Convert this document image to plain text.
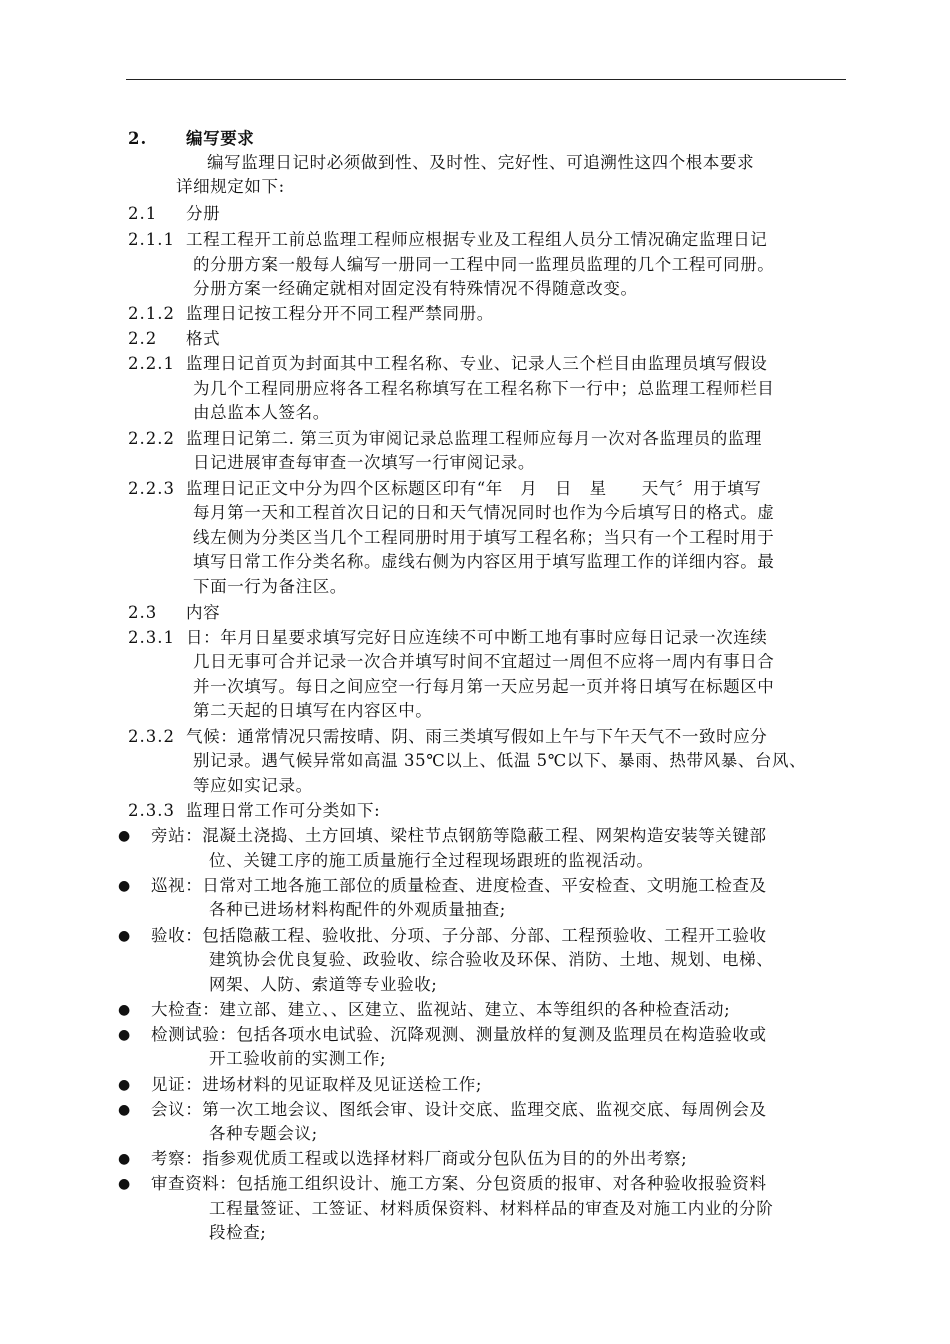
2. 编写要求
编写监理日记时必须做到性、及时性、完好性、可追溯性这四个根本要求
详细规定如下:
2.1 分册
2.1.1 工程工程开工前总监理工程师应根据专业及工程组人员分工情况确定监理日记
的分册方案一般每人编写一册同一工程中同一监理员监理的几个工程可同册。
分册方案一经确定就相对固定没有特殊情况不得随意改变。
2.1.2 监理日记按工程分开不同工程严禁同册。
2.2 格式
2.2.1 监理日记首页为封面其中工程名称、专业、记录人三个栏目由监理员填写假设
为几个工程同册应将各工程名称填写在工程名称下一行中；总监理工程师栏目
由总监本人签名。
2.2.2 监理日记第二. 第三页为审阅记录总监理工程师应每月一次对各监理员的监理
日记进展审查每审查一次填写一行审阅记录。
2.2.3 监理日记正文中分为四个区标题区印有“年   月   日   星      天气〞用于填写
每月第一天和工程首次日记的日和天气情况同时也作为今后填写日的格式。虚
线左侧为分类区当几个工程同册时用于填写工程名称；当只有一个工程时用于
填写日常工作分类名称。虚线右侧为内容区用于填写监理工作的详细内容。最
下面一行为备注区。
2.3 内容
2.3.1 日：年月日星要求填写完好日应连续不可中断工地有事时应每日记录一次连续
几日无事可合并记录一次合并填写时间不宜超过一周但不应将一周内有事日合
并一次填写。每日之间应空一行每月第一天应另起一页并将日填写在标题区中
第二天起的日填写在内容区中。
2.3.2 气候：通常情况只需按晴、阴、雨三类填写假如上午与下午天气不一致时应分
别记录。遇气候异常如高温 35℃以上、低温 5℃以下、暴雨、热带风暴、台风、
等应如实记录。
2.3.3 监理日常工作可分类如下:
● 旁站：混凝土浇捣、土方回填、梁柱节点钢筋等隐蔽工程、网架构造安装等关键部
位、关键工序的施工质量施行全过程现场跟班的监视活动。
● 巡视：日常对工地各施工部位的质量检查、进度检查、平安检查、文明施工检查及
各种已进场材料构配件的外观质量抽查;
● 验收：包括隐蔽工程、验收批、分项、子分部、分部、工程预验收、工程开工验收
建筑协会优良复验、政验收、综合验收及环保、消防、土地、规划、电梯、
网架、人防、索道等专业验收;
● 大检查：建立部、建立、、区建立、监视站、建立、本等组织的各种检查活动;
● 检测试验：包括各项水电试验、沉降观测、测量放样的复测及监理员在构造验收或
开工验收前的实测工作;
● 见证：进场材料的见证取样及见证送检工作;
● 会议：第一次工地会议、图纸会审、设计交底、监理交底、监视交底、每周例会及
各种专题会议;
● 考察：指参观优质工程或以选择材料厂商或分包队伍为目的的外出考察;
● 审查资料：包括施工组织设计、施工方案、分包资质的报审、对各种验收报验资料
工程量签证、工签证、材料质保资料、材料样品的审查及对施工内业的分阶
段检查;
